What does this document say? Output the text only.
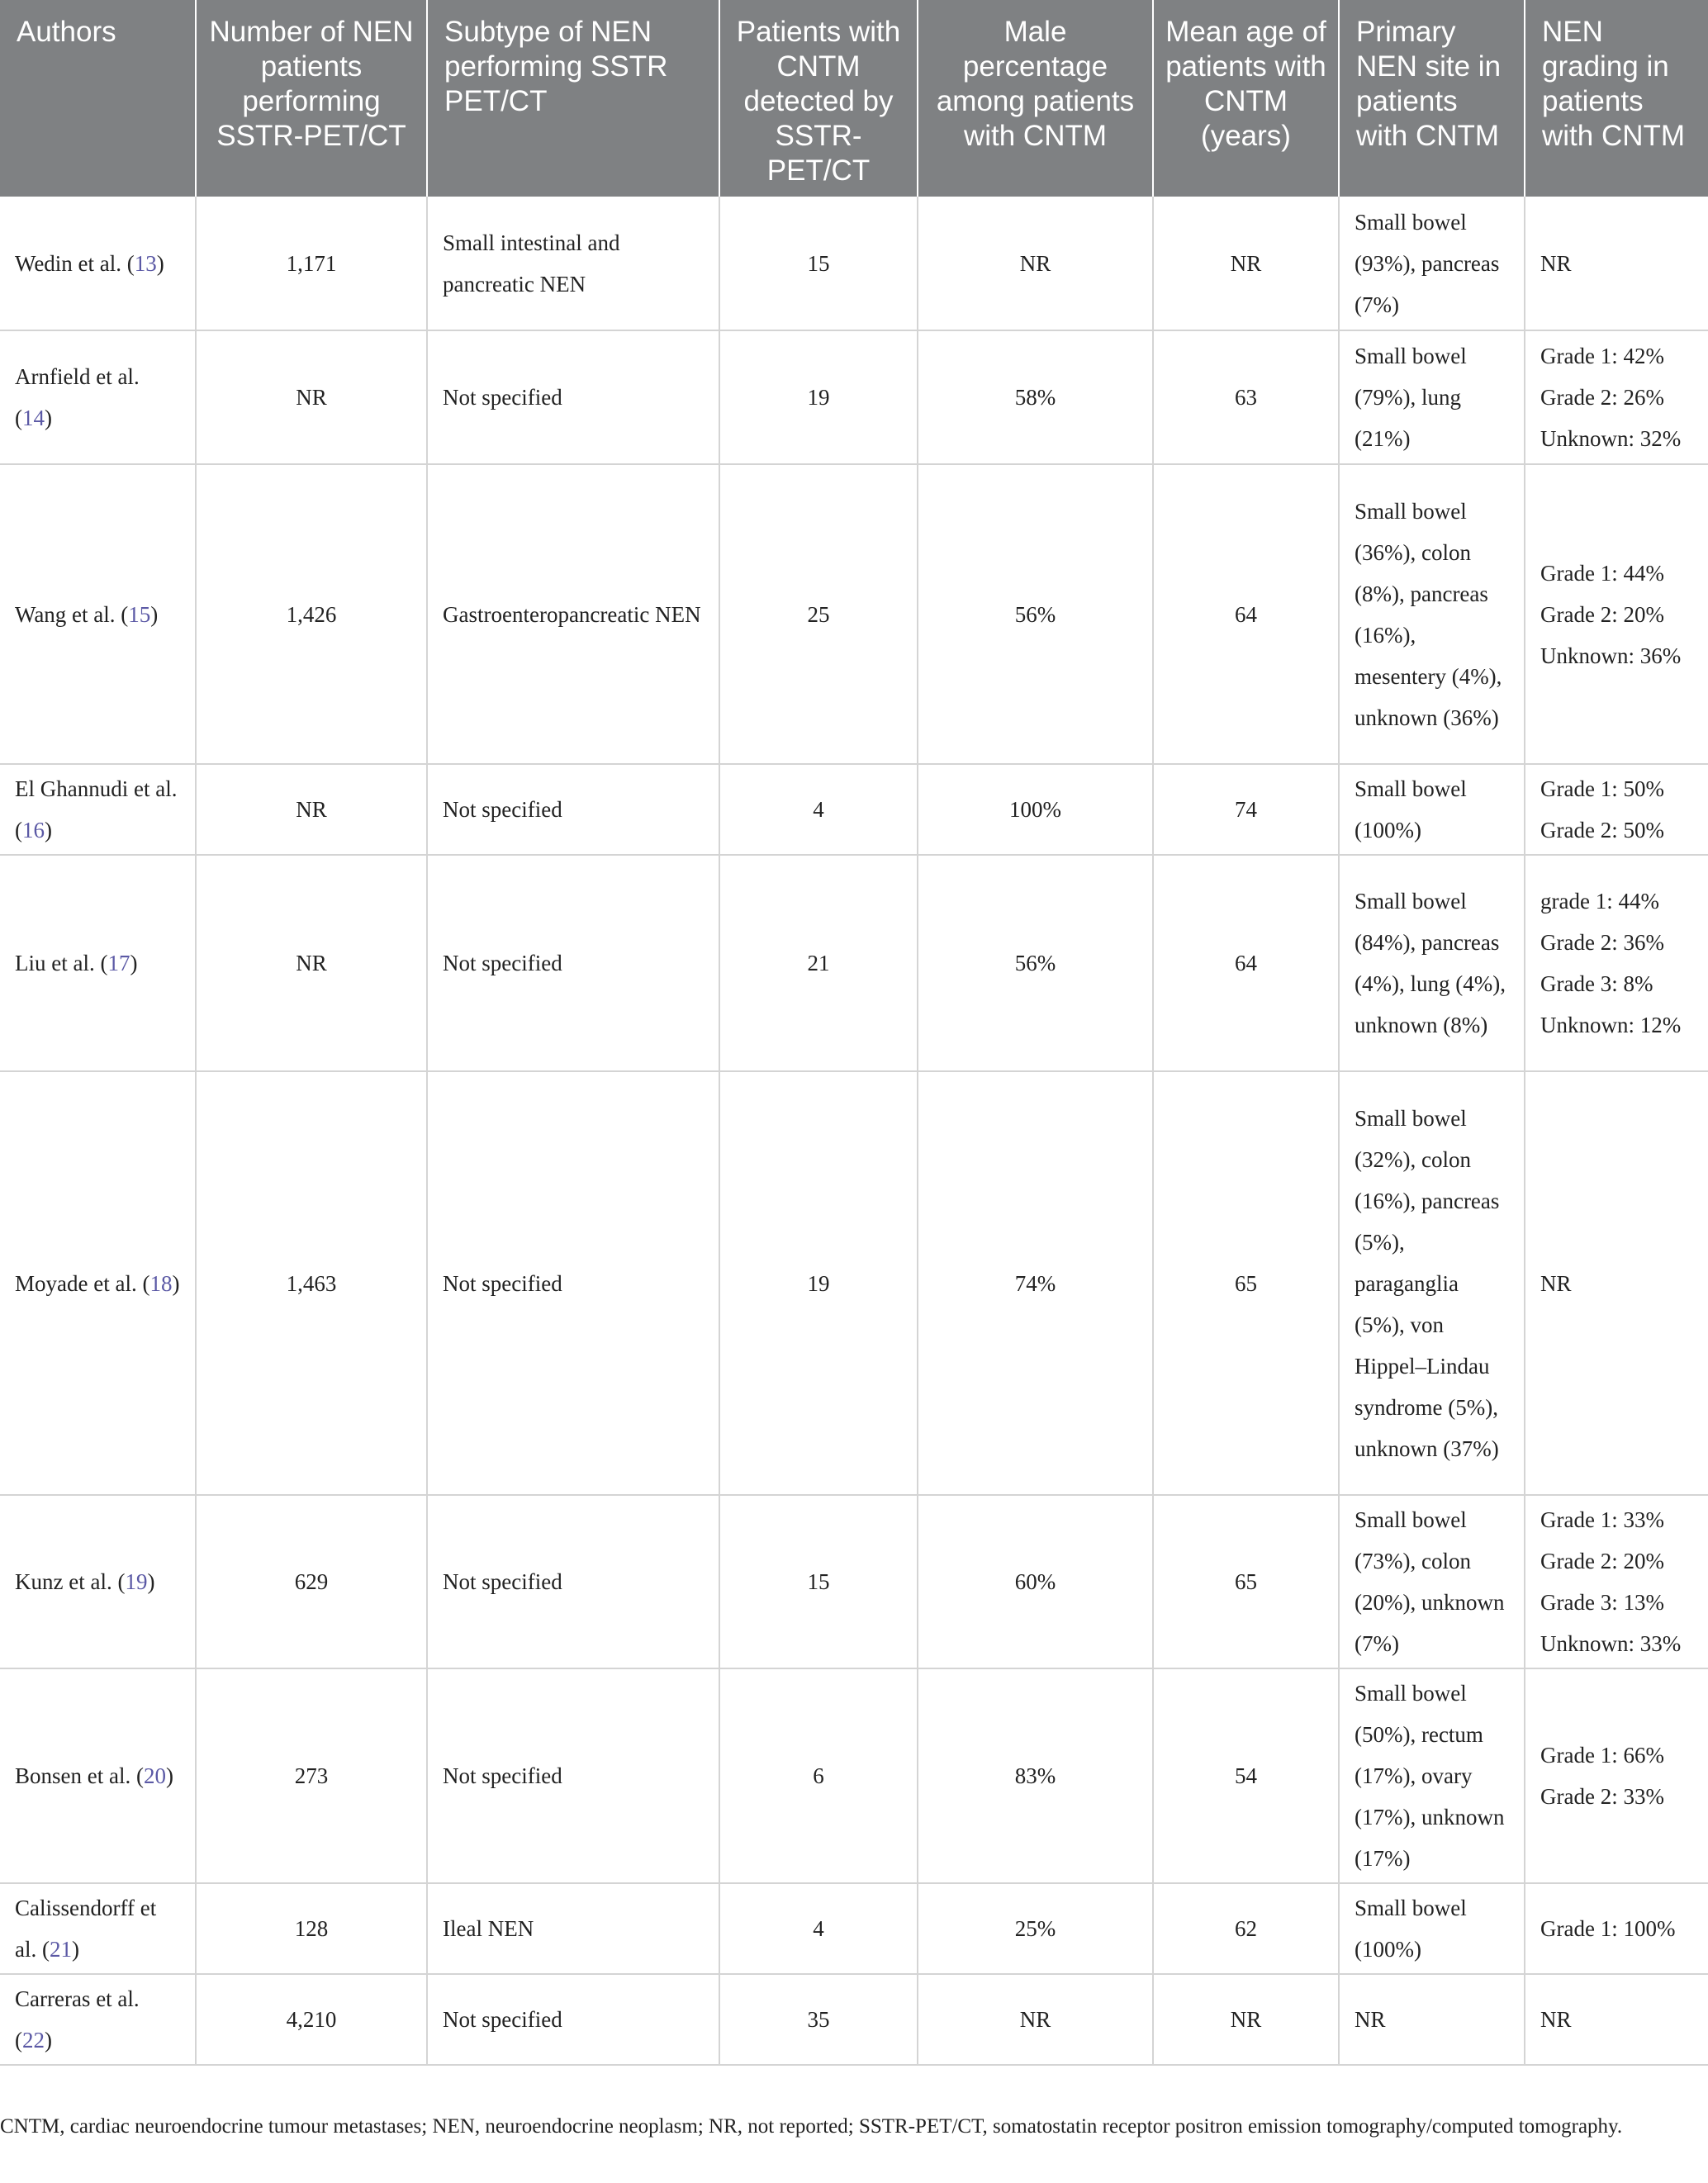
Authors	Number of NEN patients performing SSTR-PET/CT	Subtype of NEN performing SSTR PET/CT	Patients with CNTM detected by SSTR-PET/CT	Male percentage among patients with CNTM	Mean age of patients with CNTM (years)	Primary NEN site in patients with CNTM	NEN grading in patients with CNTM
Wedin et al. (13)	1,171	Small intestinal and pancreatic NEN	15	NR	NR	Small bowel (93%), pancreas (7%)	NR

Arnfield et al. (14)	NR	Not specified	19	58%	63	Small bowel (79%), lung (21%)	Grade 1: 42%
Grade 2: 26%
Unknown: 32%

Wang et al. (15)	1,426	Gastroenteropancreatic NEN	25	56%	64	Small bowel (36%), colon (8%), pancreas (16%), mesentery (4%), unknown (36%)	Grade 1: 44%
Grade 2: 20%
Unknown: 36%

El Ghannudi et al. (16)	NR	Not specified	4	100%	74	Small bowel (100%)	Grade 1: 50%
Grade 2: 50%

Liu et al. (17)	NR	Not specified	21	56%	64	Small bowel (84%), pancreas (4%), lung (4%), unknown (8%)	grade 1: 44%
Grade 2: 36%
Grade 3: 8%
Unknown: 12%

Moyade et al. (18)	1,463	Not specified	19	74%	65	Small bowel (32%), colon (16%), pancreas (5%), paraganglia (5%), von Hippel–Lindau syndrome (5%), unknown (37%)	NR

Kunz et al. (19)	629	Not specified	15	60%	65	Small bowel (73%), colon (20%), unknown (7%)	Grade 1: 33%
Grade 2: 20%
Grade 3: 13%
Unknown: 33%

Bonsen et al. (20)	273	Not specified	6	83%	54	Small bowel (50%), rectum (17%), ovary (17%), unknown (17%)	Grade 1: 66%
Grade 2: 33%

Calissendorff et al. (21)	128	Ileal NEN	4	25%	62	Small bowel (100%)	Grade 1: 100%

Carreras et al. (22)	4,210	Not specified	35	NR	NR	NR	NR
CNTM, cardiac neuroendocrine tumour metastases; NEN, neuroendocrine neoplasm; NR, not reported; SSTR-PET/CT, somatostatin receptor positron emission tomography/computed tomography.
